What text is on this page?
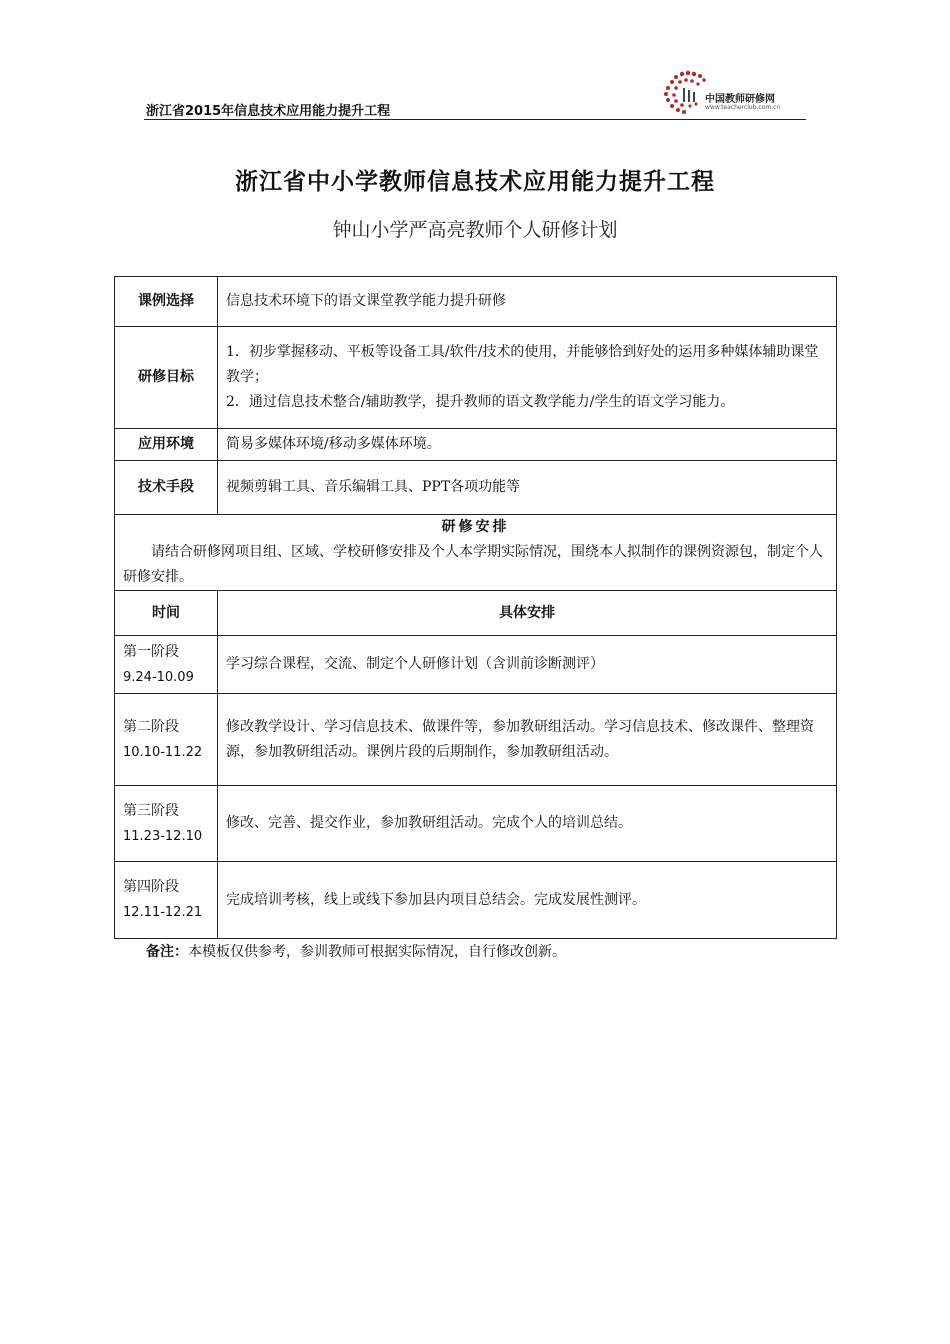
浙江省2015年信息技术应用能力提升工程
中国教师研修网
www.teacherclub.com.cn
浙江省中小学教师信息技术应用能力提升工程
钟山小学严高亮教师个人研修计划
课例选择	信息技术环境下的语文课堂教学能力提升研修
研修目标	1．初步掌握移动、平板等设备工具/软件/技术的使用，并能够恰到好处的运用多种媒体辅助课堂教学；
2．通过信息技术整合/辅助教学，提升教师的语文教学能力/学生的语文学习能力。

应用环境	简易多媒体环境/移动多媒体环境。
技术手段	视频剪辑工具、音乐编辑工具、PPT各项功能等

研修安排
请结合研修网项目组、区域、学校研修安排及个人本学期实际情况，围绕本人拟制作的课例资源包，制定个人研修安排。	

时间	具体安排

第一阶段
9.24-10.09	学习综合课程，交流、制定个人研修计划（含训前诊断测评）

第二阶段
10.10-11.22	修改教学设计、学习信息技术、做课件等，参加教研组活动。学习信息技术、修改课件、整理资源，参加教研组活动。课例片段的后期制作，参加教研组活动。

第三阶段
11.23-12.10	修改、完善、提交作业，参加教研组活动。完成个人的培训总结。

第四阶段
12.11-12.21	完成培训考核，线上或线下参加县内项目总结会。完成发展性测评。
备注：本模板仅供参考，参训教师可根据实际情况，自行修改创新。
